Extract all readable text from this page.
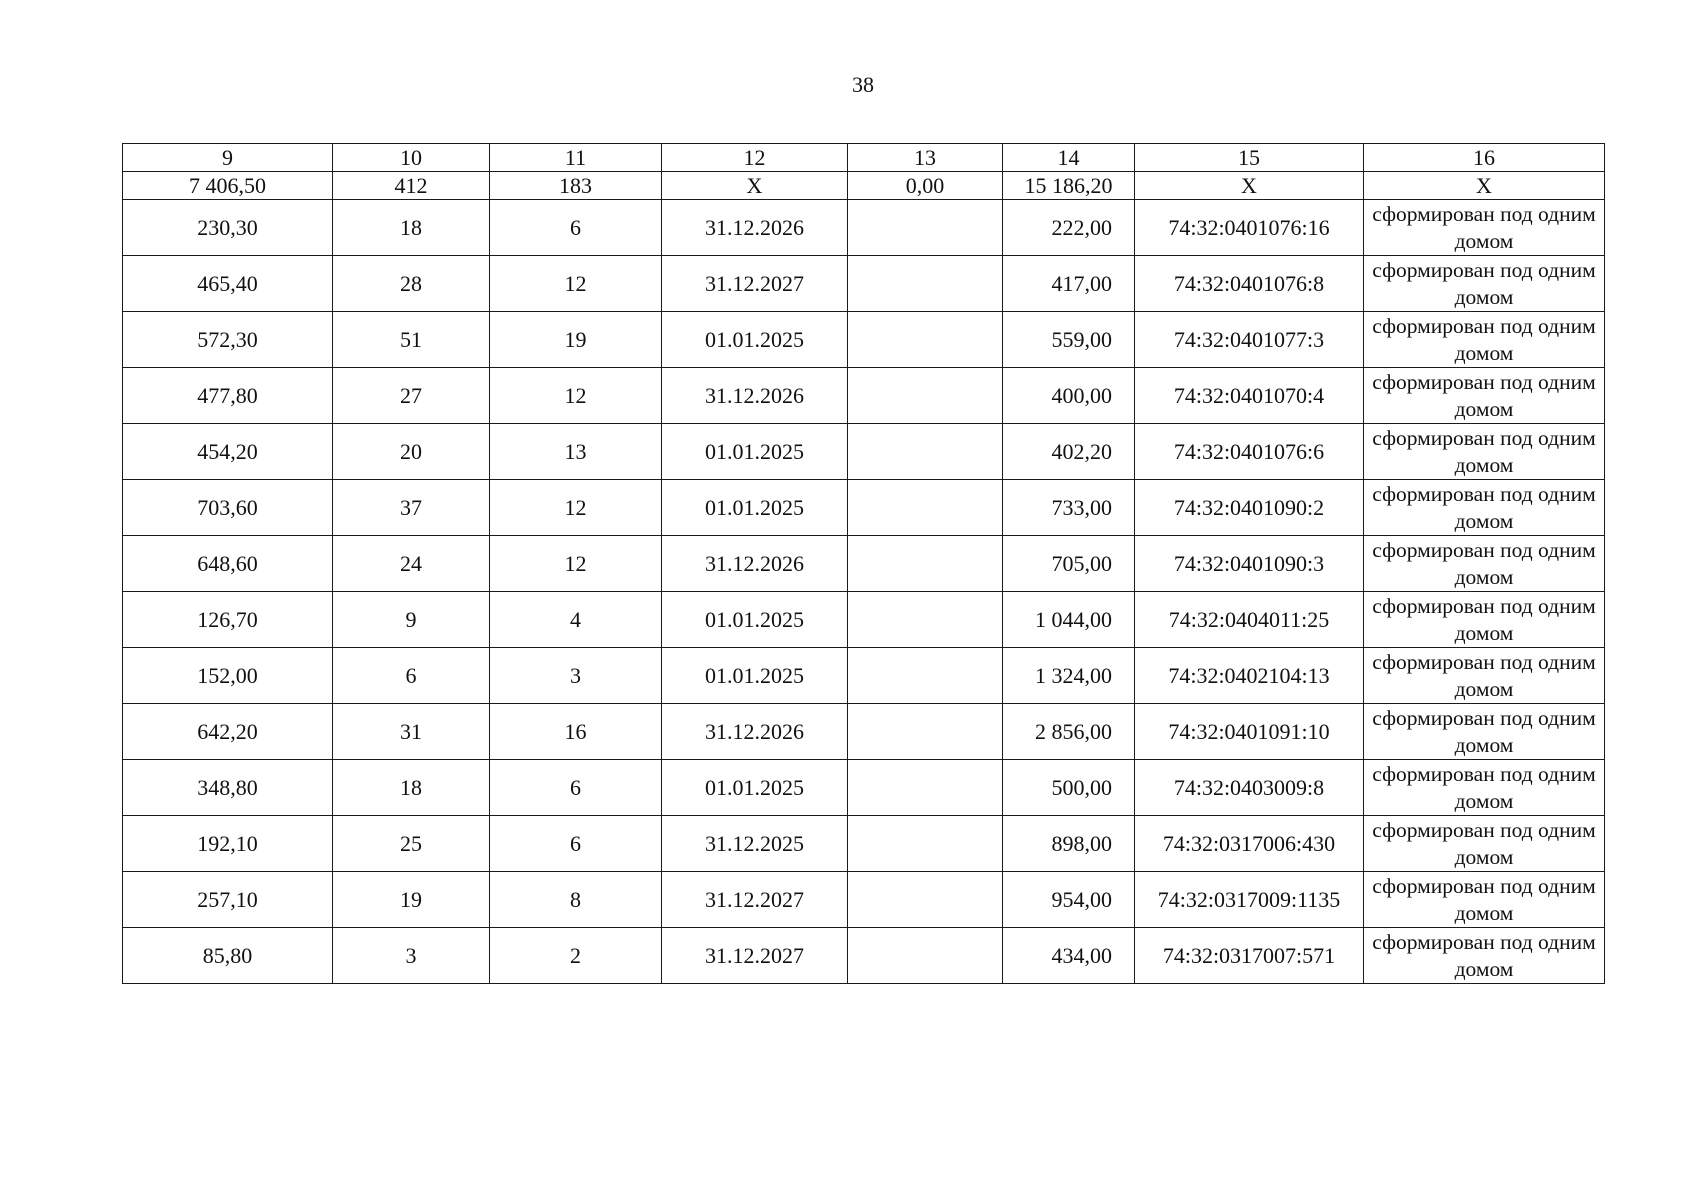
38
9	10	11	12	13	14	15	16
7 406,50	412	183	X	0,00	15 186,20	X	X
230,30	18	6	31.12.2026		222,00	74:32:0401076:16	сформирован под одним домом
465,40	28	12	31.12.2027		417,00	74:32:0401076:8	сформирован под одним домом
572,30	51	19	01.01.2025		559,00	74:32:0401077:3	сформирован под одним домом
477,80	27	12	31.12.2026		400,00	74:32:0401070:4	сформирован под одним домом
454,20	20	13	01.01.2025		402,20	74:32:0401076:6	сформирован под одним домом
703,60	37	12	01.01.2025		733,00	74:32:0401090:2	сформирован под одним домом
648,60	24	12	31.12.2026		705,00	74:32:0401090:3	сформирован под одним домом
126,70	9	4	01.01.2025		1 044,00	74:32:0404011:25	сформирован под одним домом
152,00	6	3	01.01.2025		1 324,00	74:32:0402104:13	сформирован под одним домом
642,20	31	16	31.12.2026		2 856,00	74:32:0401091:10	сформирован под одним домом
348,80	18	6	01.01.2025		500,00	74:32:0403009:8	сформирован под одним домом
192,10	25	6	31.12.2025		898,00	74:32:0317006:430	сформирован под одним домом
257,10	19	8	31.12.2027		954,00	74:32:0317009:1135	сформирован под одним домом
85,80	3	2	31.12.2027		434,00	74:32:0317007:571	сформирован под одним домом
